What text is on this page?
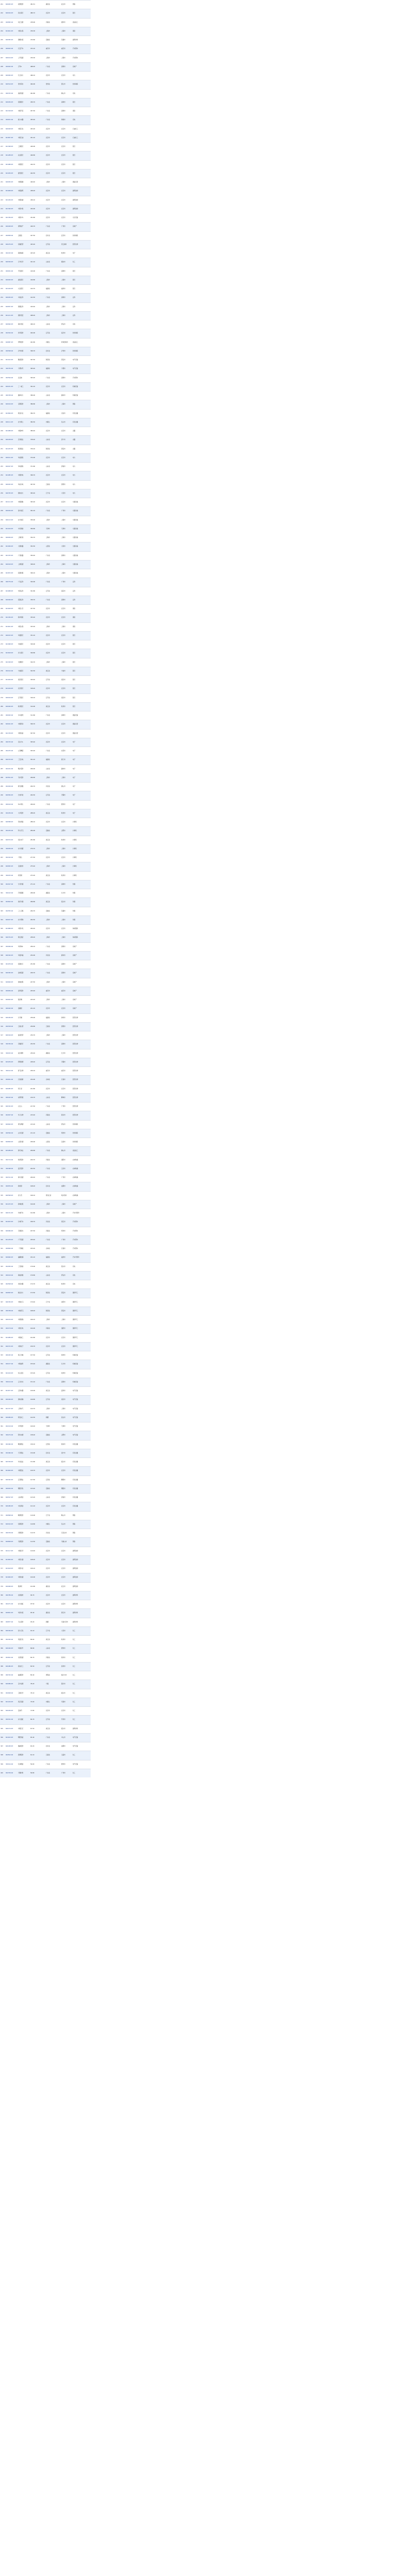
201	600005.SH	武钢股份	481.51	湖北省	武汉市	钢铁
202	600016.SH	民生银行	480.72	北京市	北京市	银行
203	000895.SZ	双汇发展	478.90	河南省	漯河市	食品加工
204	601601.SH	中国太保	476.30	上海市	上海市	保险
205	600585.SH	海螺水泥	474.60	安徽省	芜湖市	建筑材料
206	000625.SZ	长安汽车	472.10	重庆市	重庆市	汽车整车
207	600104.SH	上汽集团	470.30	上海市	上海市	汽车整车
208	000002.SZ	万科A	468.20	广东省	深圳市	房地产
209	600900.SH	长江电力	466.10	北京市	北京市	电力
210	600519.SH	贵州茅台	464.00	贵州省	遵义市	饮料制造
211	000333.SZ	美的集团	461.80	广东省	佛山市	家电
212	600036.SH	招商银行	459.70	广东省	深圳市	银行
213	601318.SH	中国平安	457.50	广东省	深圳市	保险
214	000651.SZ	格力电器	455.40	广东省	珠海市	家电
215	600028.SH	中国石化	453.20	北京市	北京市	石油化工
216	601857.SH	中国石油	451.10	北京市	北京市	石油化工
217	601398.SH	工商银行	449.00	北京市	北京市	银行
218	601288.SH	农业银行	446.80	北京市	北京市	银行
219	601988.SH	中国银行	444.70	北京市	北京市	银行
220	601939.SH	建设银行	442.50	北京市	北京市	银行
221	600050.SH	中国联通	440.40	上海市	上海市	通信运营
222	601668.SH	中国建筑	438.20	北京市	北京市	建筑装饰
223	601186.SH	中国铁建	436.10	北京市	北京市	建筑装饰
224	601390.SH	中国中铁	434.00	北京市	北京市	建筑装饰
225	601766.SH	中国中车	431.80	北京市	北京市	交运设备
226	600048.SH	保利地产	429.70	广东省	广州市	房地产
227	000858.SZ	五粮液	427.50	四川省	宜宾市	饮料制造
228	600276.SH	恒瑞医药	425.40	江苏省	连云港市	医药生物
229	002415.SZ	海康威视	423.20	浙江省	杭州市	电子
230	600309.SH	万华化学	421.10	山东省	烟台市	化工
231	000001.SZ	平安银行	419.00	广东省	深圳市	银行
232	600000.SH	浦发银行	416.80	上海市	上海市	银行
233	601166.SH	兴业银行	414.70	福建省	福州市	银行
234	600030.SH	中信证券	412.50	广东省	深圳市	证券
235	600837.SH	海通证券	410.40	上海市	上海市	证券
236	601211.SH	国泰君安	408.20	上海市	上海市	证券
237	600690.SH	海尔智家	406.10	山东省	青岛市	家电
238	002304.SZ	洋河股份	404.00	江苏省	宿迁市	饮料制造
239	600887.SH	伊利股份	401.80	内蒙古	呼和浩特市	食品加工
240	000568.SZ	泸州老窖	399.70	四川省	泸州市	饮料制造
241	601012.SH	隆基股份	397.50	陕西省	西安市	电气设备
242	300750.SZ	宁德时代	395.40	福建省	宁德市	电气设备
243	002594.SZ	比亚迪	393.20	广东省	深圳市	汽车整车
244	600031.SH	三一重工	391.10	北京市	北京市	机械设备
245	000338.SZ	潍柴动力	389.00	山东省	潍坊市	机械设备
246	600019.SH	宝钢股份	386.80	上海市	上海市	钢铁
247	601899.SH	紫金矿业	384.70	福建省	龙岩市	有色金属
248	600111.SH	北方稀土	382.50	内蒙古	包头市	有色金属
249	601088.SH	中国神华	380.40	北京市	北京市	采掘
250	600188.SH	兖州煤业	378.20	山东省	济宁市	采掘
251	601225.SH	陕西煤业	376.10	陕西省	西安市	采掘
252	600011.SH	华能国际	374.00	北京市	北京市	电力
253	600027.SH	华电国际	371.80	山东省	济南市	电力
254	601985.SH	中国核电	369.70	北京市	北京市	电力
255	600025.SH	华能水电	367.50	云南省	昆明市	电力
256	600795.SH	国电电力	365.40	辽宁省	大连市	电力
257	601111.SH	中国国航	363.20	北京市	北京市	交通运输
258	600029.SH	南方航空	361.10	广东省	广州市	交通运输
259	600115.SH	东方航空	359.00	上海市	上海市	交通运输
260	601919.SH	中远海控	356.80	天津市	天津市	交通运输
261	600009.SH	上海机场	354.70	上海市	上海市	交通运输
262	601006.SH	大秦铁路	352.50	山西省	大同市	交通运输
263	601333.SH	广深铁路	350.40	广东省	深圳市	交通运输
264	600018.SH	上港集团	348.20	上海市	上海市	交通运输
265	601872.SH	招商轮船	346.10	上海市	上海市	交通运输
266	000776.SZ	广发证券	344.00	广东省	广州市	证券
267	601688.SH	华泰证券	341.80	江苏省	南京市	证券
268	600999.SH	招商证券	339.70	广东省	深圳市	证券
269	601628.SH	中国人寿	337.50	北京市	北京市	保险
270	601336.SH	新华保险	335.40	北京市	北京市	保险
271	601601.SH	中国太保	333.20	上海市	上海市	保险
272	600015.SH	华夏银行	331.10	北京市	北京市	银行
273	601998.SH	中信银行	329.00	北京市	北京市	银行
274	601818.SH	光大银行	326.80	北京市	北京市	银行
275	601328.SH	交通银行	324.70	上海市	上海市	银行
276	002142.SZ	宁波银行	322.50	浙江省	宁波市	银行
277	601009.SH	南京银行	320.40	江苏省	南京市	银行
278	601169.SH	北京银行	318.20	北京市	北京市	银行
279	600919.SH	江苏银行	316.10	江苏省	南京市	银行
280	600926.SH	杭州银行	314.00	浙江省	杭州市	银行
281	000063.SZ	中兴通讯	311.80	广东省	深圳市	通信设备
282	600941.SH	中国移动	309.70	北京市	北京市	通信运营
283	601728.SH	中国电信	307.50	北京市	北京市	通信运营
284	000725.SZ	京东方A	305.40	北京市	北京市	电子
285	002475.SZ	立讯精密	303.20	广东省	东莞市	电子
286	600703.SH	三安光电	301.10	福建省	厦门市	电子
287	002241.SZ	歌尔股份	299.00	山东省	潍坊市	电子
288	603501.SH	韦尔股份	296.80	上海市	上海市	电子
289	002049.SZ	紫光国微	294.70	河北省	唐山市	电子
290	600584.SH	长电科技	292.50	江苏省	无锡市	电子
291	000100.SZ	TCL科技	290.40	广东省	惠州市	电子
292	002236.SZ	大华股份	288.20	浙江省	杭州市	电子
293	600588.SH	用友网络	286.10	北京市	北京市	计算机
294	002230.SZ	科大讯飞	284.00	安徽省	合肥市	计算机
295	600570.SH	恒生电子	281.80	浙江省	杭州市	计算机
296	300059.SZ	东方财富	279.70	上海市	上海市	计算机
297	002410.SZ	广联达	277.50	北京市	北京市	计算机
298	600845.SH	宝信软件	275.40	上海市	上海市	计算机
299	300033.SZ	同花顺	273.20	浙江省	杭州市	计算机
300	002027.SZ	分众传媒	271.10	广东省	深圳市	传媒
301	300413.SZ	芒果超媒	269.00	湖南省	长沙市	传媒
302	002602.SZ	世纪华通	266.80	浙江省	绍兴市	传媒
303	002555.SZ	三七互娱	264.70	安徽省	芜湖市	传媒
304	600637.SH	东方明珠	262.50	上海市	上海市	传媒
305	601888.SH	中国中免	260.40	北京市	北京市	休闲服务
306	600754.SH	锦江酒店	258.20	上海市	上海市	休闲服务
307	000069.SZ	华侨城A	256.10	广东省	深圳市	房地产
308	600340.SH	华夏幸福	254.00	河北省	廊坊市	房地产
309	001979.SZ	招商蛇口	251.80	广东省	深圳市	房地产
310	600383.SH	金地集团	249.70	广东省	深圳市	房地产
311	600606.SH	绿地控股	247.50	上海市	上海市	房地产
312	000656.SZ	金科股份	245.40	重庆市	重庆市	房地产
313	600663.SH	陆家嘴	243.20	上海市	上海市	房地产
314	000402.SZ	金融街	241.10	北京市	北京市	房地产
315	600436.SH	片仔癀	239.00	福建省	漳州市	医药生物
316	000538.SZ	云南白药	236.80	云南省	昆明市	医药生物
317	600196.SH	复星医药	234.70	上海市	上海市	医药生物
318	300760.SZ	迈瑞医疗	232.50	广东省	深圳市	医药生物
319	300015.SZ	爱尔眼科	230.40	湖南省	长沙市	医药生物
320	603259.SH	药明康德	228.20	江苏省	无锡市	医药生物
321	300122.SZ	智飞生物	226.10	重庆市	重庆市	医药生物
322	000661.SZ	长春高新	224.00	吉林省	长春市	医药生物
323	600085.SH	同仁堂	221.80	北京市	北京市	医药生物
324	000423.SZ	东阿阿胶	219.70	山东省	聊城市	医药生物
325	600332.SH	白云山	217.50	广东省	广州市	医药生物
326	002007.SZ	华兰生物	215.40	河南省	新乡市	医药生物
327	600600.SH	青岛啤酒	213.20	山东省	青岛市	饮料制造
328	000596.SZ	古井贡酒	211.10	安徽省	亳州市	饮料制造
329	600809.SH	山西汾酒	209.00	山西省	吕梁市	饮料制造
330	603288.SH	海天味业	206.80	广东省	佛山市	食品加工
331	002714.SZ	牧原股份	204.70	河南省	南阳市	农林牧渔
332	300498.SZ	温氏股份	202.50	广东省	云浮市	农林牧渔
333	002311.SZ	海大集团	200.40	广东省	广州市	农林牧渔
334	000876.SZ	新希望	198.20	四川省	成都市	农林牧渔
335	600598.SH	北大荒	196.10	黑龙江省	哈尔滨市	农林牧渔
336	601155.SH	新城控股	194.00	上海市	上海市	房地产
337	600741.SH	华域汽车	191.80	上海市	上海市	汽车零部件
338	601633.SH	长城汽车	189.70	河北省	保定市	汽车整车
339	600066.SH	宇通客车	187.50	河南省	郑州市	汽车整车
340	601238.SH	广汽集团	185.40	广东省	广州市	汽车整车
341	000800.SZ	一汽解放	183.20	吉林省	长春市	汽车整车
342	600660.SH	福耀玻璃	181.10	福建省	福州市	汽车零部件
343	002050.SZ	三花智控	179.00	浙江省	绍兴市	家电
344	000100.SZ	海信视像	176.80	山东省	青岛市	家电
345	002508.SZ	老板电器	174.70	浙江省	杭州市	家电
346	600893.SH	航发动力	172.50	陕西省	西安市	国防军工
347	600760.SH	中航沈飞	170.40	辽宁省	沈阳市	国防军工
348	000768.SZ	中航西飞	168.20	陕西省	西安市	国防军工
349	600150.SH	中国船舶	166.10	上海市	上海市	国防军工
350	002179.SZ	中航光电	164.00	河南省	洛阳市	国防军工
351	601989.SH	中国重工	161.80	北京市	北京市	国防军工
352	600372.SH	中航电子	159.70	北京市	北京市	国防军工
353	000425.SZ	徐工机械	157.50	江苏省	徐州市	机械设备
354	000157.SZ	中联重科	155.40	湖南省	长沙市	机械设备
355	601100.SH	恒立液压	153.20	江苏省	常州市	机械设备
356	300124.SZ	汇川技术	151.10	广东省	深圳市	机械设备
357	601877.SH	正泰电器	149.00	浙江省	温州市	电气设备
358	600406.SH	国电南瑞	146.80	江苏省	南京市	电气设备
359	601727.SH	上海电气	144.70	上海市	上海市	电气设备
360	600089.SH	特变电工	142.50	新疆	昌吉市	电气设备
361	002129.SZ	中环股份	140.40	天津市	天津市	电气设备
362	300274.SZ	阳光电源	138.20	安徽省	合肥市	电气设备
363	002460.SZ	赣锋锂业	136.10	江西省	新余市	有色金属
364	002466.SZ	天齐锂业	134.00	四川省	遂宁市	有色金属
365	603799.SH	华友钴业	131.80	浙江省	嘉兴市	有色金属
366	601600.SH	中国铝业	129.70	北京市	北京市	有色金属
367	600362.SH	江西铜业	127.50	江西省	鹰潭市	有色金属
368	000630.SZ	铜陵有色	125.40	安徽省	铜陵市	有色金属
369	600547.SH	山东黄金	123.20	山东省	济南市	有色金属
370	600489.SH	中金黄金	121.10	北京市	北京市	有色金属
371	000898.SZ	鞍钢股份	119.00	辽宁省	鞍山市	钢铁
372	600010.SH	包钢股份	116.80	内蒙古	包头市	钢铁
373	000709.SZ	河钢股份	114.70	河北省	石家庄市	钢铁
374	600808.SH	马钢股份	112.50	安徽省	马鞍山市	钢铁
375	601117.SH	中国化学	110.40	北京市	北京市	建筑装饰
376	601800.SH	中国交建	108.20	北京市	北京市	建筑装饰
377	601618.SH	中国中冶	106.10	北京市	北京市	建筑装饰
378	601669.SH	中国电建	104.00	北京市	北京市	建筑装饰
379	600068.SH	葛洲坝	101.80	湖北省	武汉市	建筑装饰
380	000786.SZ	北新建材	99.70	北京市	北京市	建筑材料
381	002271.SZ	东方雨虹	97.50	北京市	北京市	建筑材料
382	600801.SH	华新水泥	95.40	湖北省	黄石市	建筑材料
383	000877.SZ	天山股份	93.20	新疆	乌鲁木齐市	建筑材料
384	600346.SH	恒力石化	91.10	辽宁省	大连市	化工
385	002493.SZ	荣盛石化	89.00	浙江省	杭州市	化工
386	600426.SH	华鲁恒升	86.80	山东省	德州市	化工
387	002601.SZ	龙佰集团	84.70	河南省	焦作市	化工
388	600486.SH	扬农化工	82.50	江苏省	扬州市	化工
389	000792.SZ	盐湖股份	80.40	青海省	格尔木市	化工
390	600989.SH	宝丰能源	78.20	宁夏	银川市	化工
391	002648.SZ	卫星化学	76.10	浙江省	嘉兴市	化工
392	601216.SH	君正集团	74.00	内蒙古	乌海市	化工
393	600299.SH	安迪苏	71.80	北京市	北京市	化工
394	000301.SZ	东方盛虹	69.70	江苏省	苏州市	化工
395	600176.SH	中国巨石	67.50	浙江省	嘉兴市	建筑材料
396	601615.SH	明阳智能	65.40	广东省	中山市	电气设备
397	600438.SH	通威股份	63.20	四川省	成都市	电气设备
398	002812.SZ	恩捷股份	61.10	云南省	玉溪市	化工
399	300014.SZ	亿纬锂能	59.00	广东省	惠州市	电气设备
400	002709.SZ	天赐材料	56.80	广东省	广州市	化工
